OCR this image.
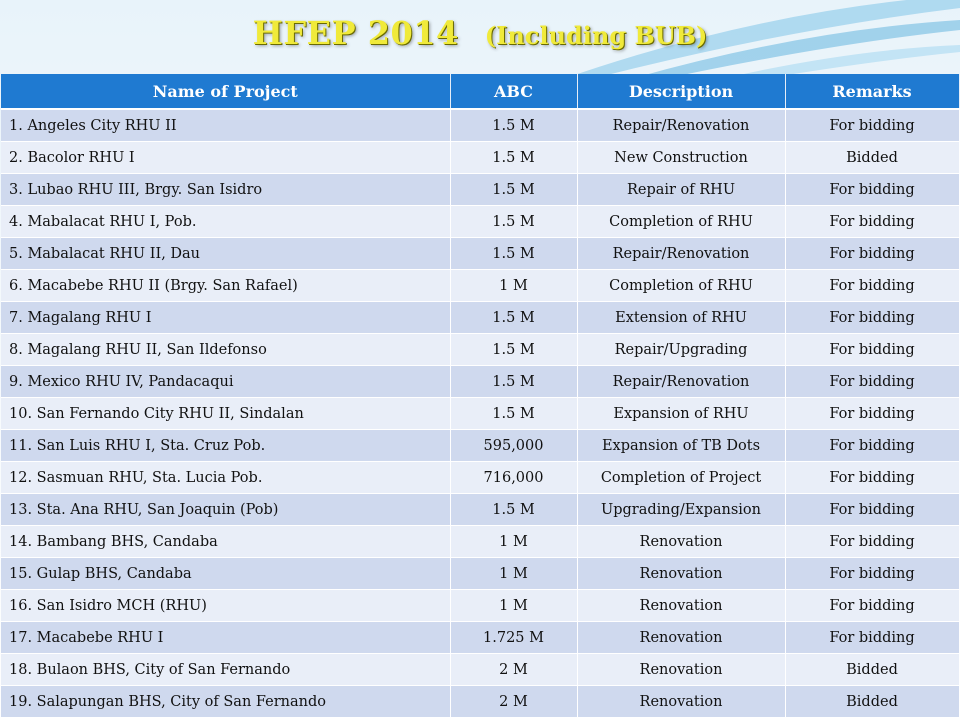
HFEP 2014 (Including BUB)
Name of Project	ABC	Description	Remarks
1. Angeles City RHU II	1.5 M	Repair/Renovation	For bidding
2. Bacolor RHU I	1.5 M	New Construction	Bidded
3. Lubao RHU III, Brgy. San Isidro	1.5 M	Repair of RHU	For bidding
4. Mabalacat RHU I, Pob.	1.5 M	Completion of RHU	For bidding
5. Mabalacat RHU II, Dau	1.5 M	Repair/Renovation	For bidding
6. Macabebe RHU II (Brgy. San Rafael)	1 M	Completion of RHU	For bidding
7. Magalang RHU I	1.5 M	Extension of RHU	For bidding
8. Magalang RHU II, San Ildefonso	1.5 M	Repair/Upgrading	For bidding
9. Mexico RHU IV, Pandacaqui	1.5 M	Repair/Renovation	For bidding
10. San Fernando City RHU II, Sindalan	1.5 M	Expansion of RHU	For bidding
11. San Luis RHU I, Sta. Cruz Pob.	595,000	Expansion of TB Dots	For bidding
12. Sasmuan RHU, Sta. Lucia Pob.	716,000	Completion of Project	For bidding
13. Sta. Ana RHU, San Joaquin (Pob)	1.5 M	Upgrading/Expansion	For bidding
14. Bambang BHS, Candaba	1 M	Renovation	For bidding
15. Gulap BHS, Candaba	1 M	Renovation	For bidding
16. San Isidro MCH (RHU)	1 M	Renovation	For bidding
17. Macabebe RHU I	1.725 M	Renovation	For bidding
18. Bulaon BHS, City of San Fernando	2 M	Renovation	Bidded
19. Salapungan BHS, City of San Fernando	2 M	Renovation	Bidded
